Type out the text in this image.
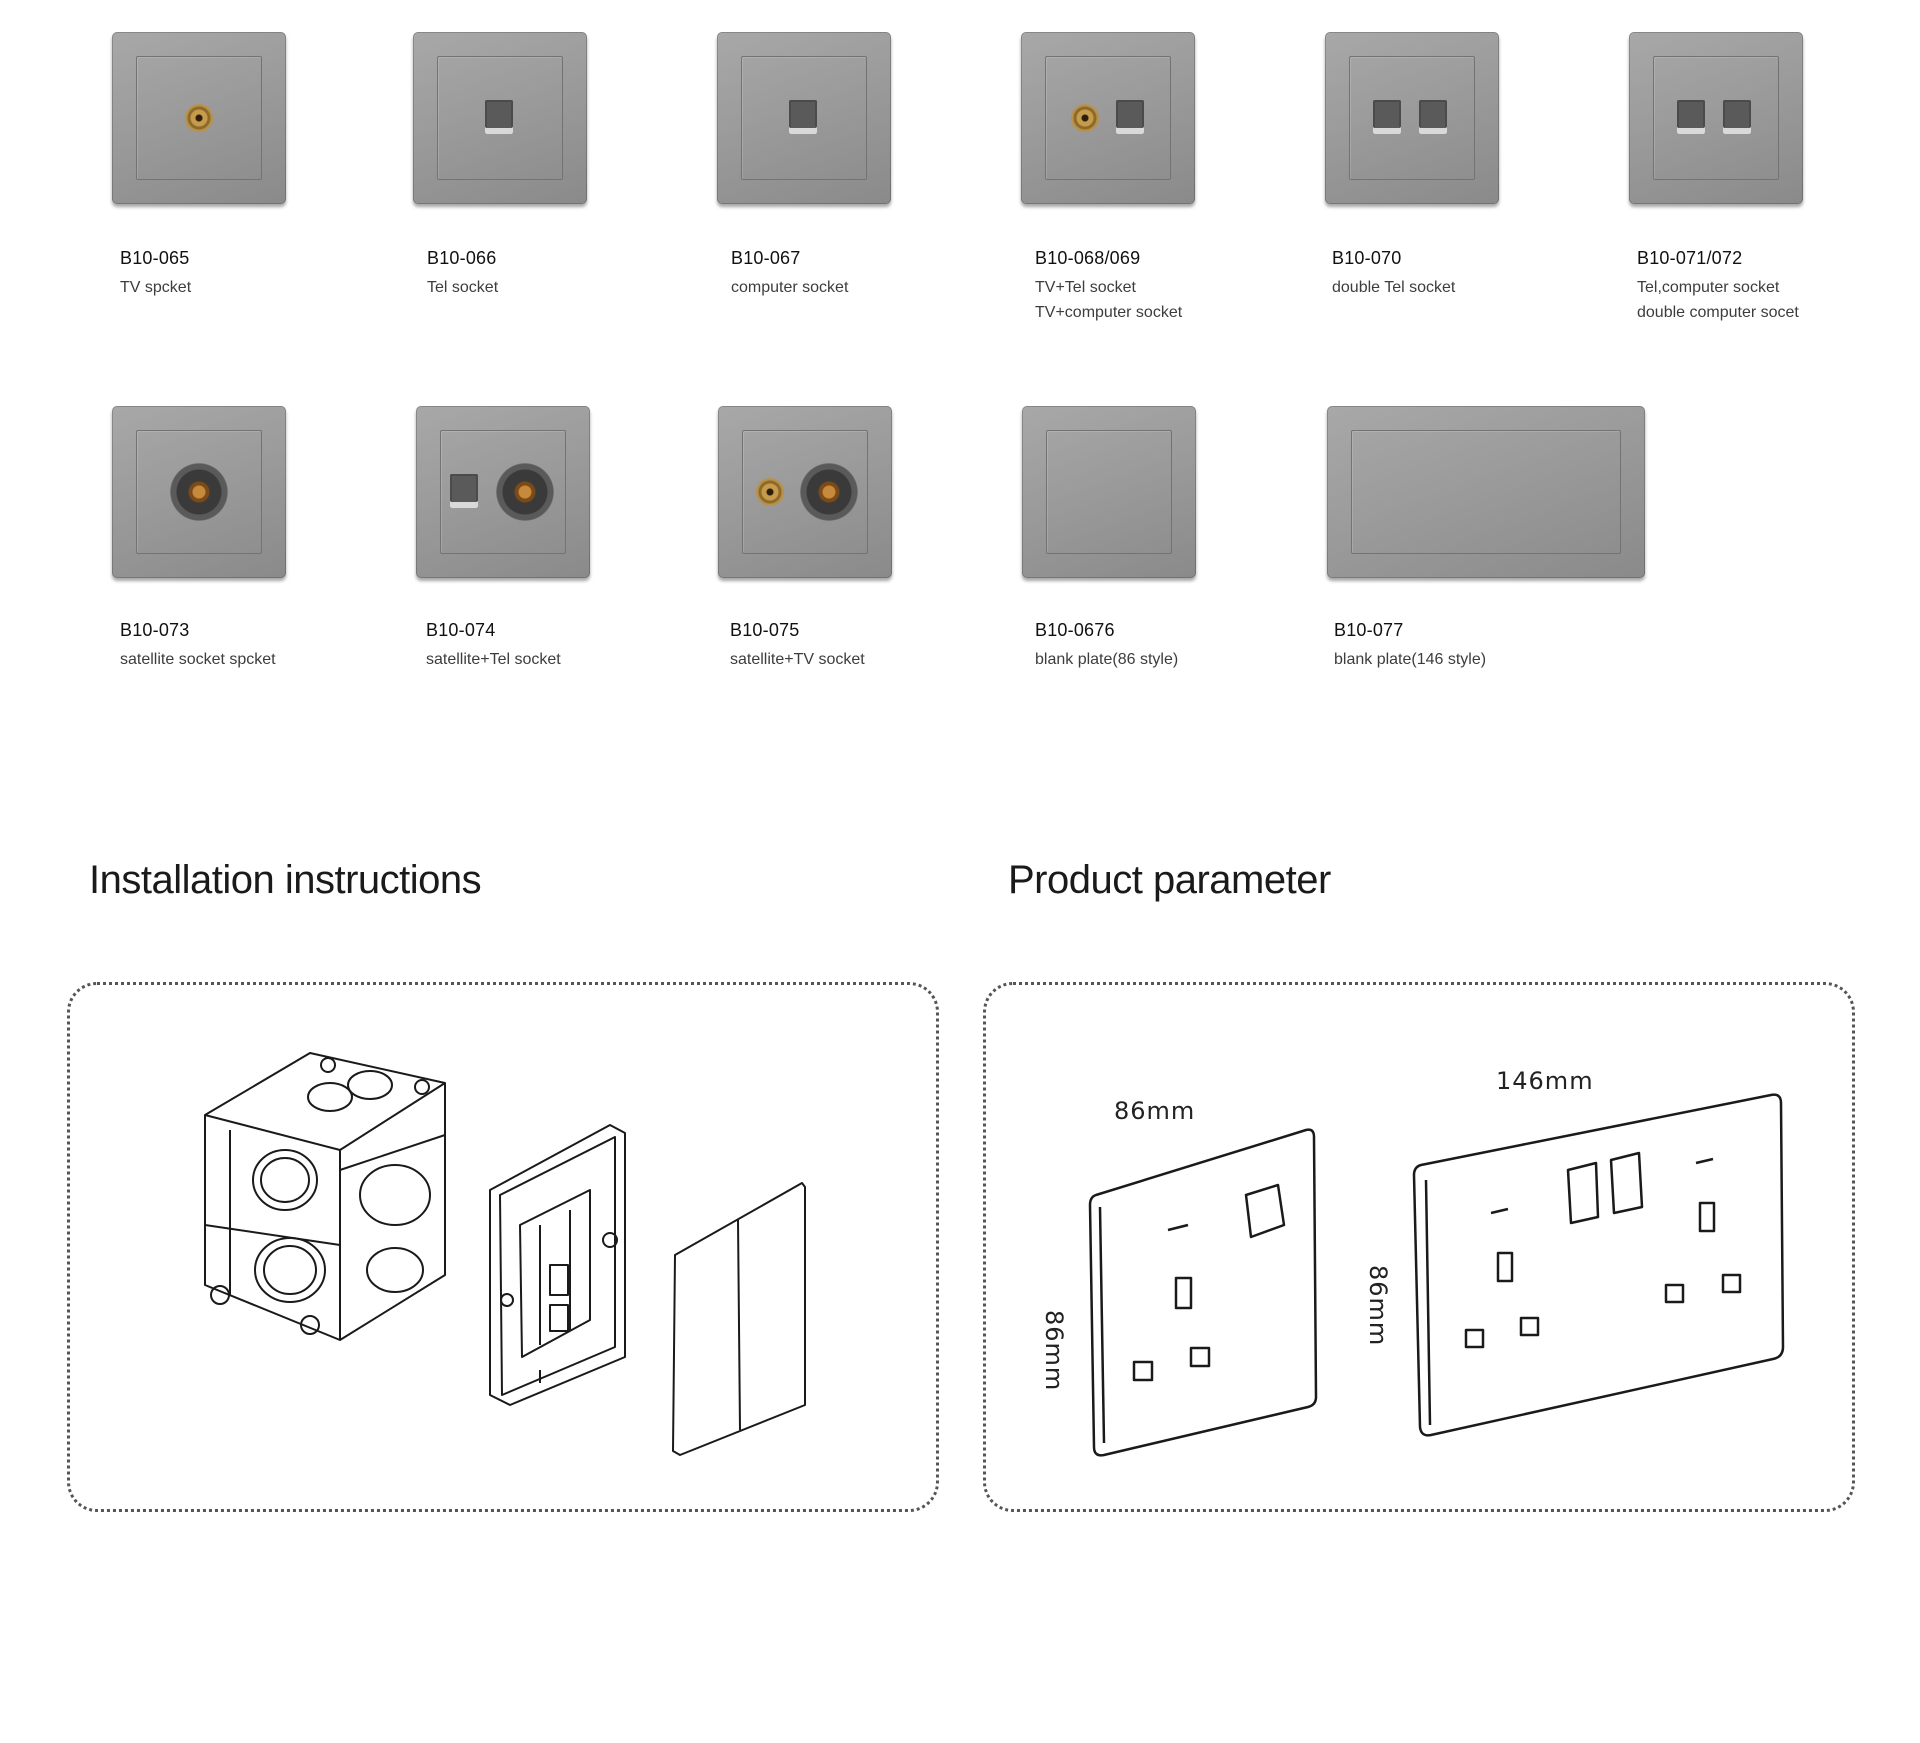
B10-065
TV spcket
B10-066
Tel socket
B10-067
computer socket
B10-068/069
TV+Tel socket
TV+computer socket
B10-070
double Tel socket
B10-071/072
Tel,computer socket
double computer socet
B10-073
satellite socket spcket
B10-074
satellite+Tel socket
B10-075
satellite+TV socket
B10-0676
blank plate(86 style)
B10-077
blank plate(146 style)
Installation instructions	Product parameter
86mm
86mm
146mm
86mm
